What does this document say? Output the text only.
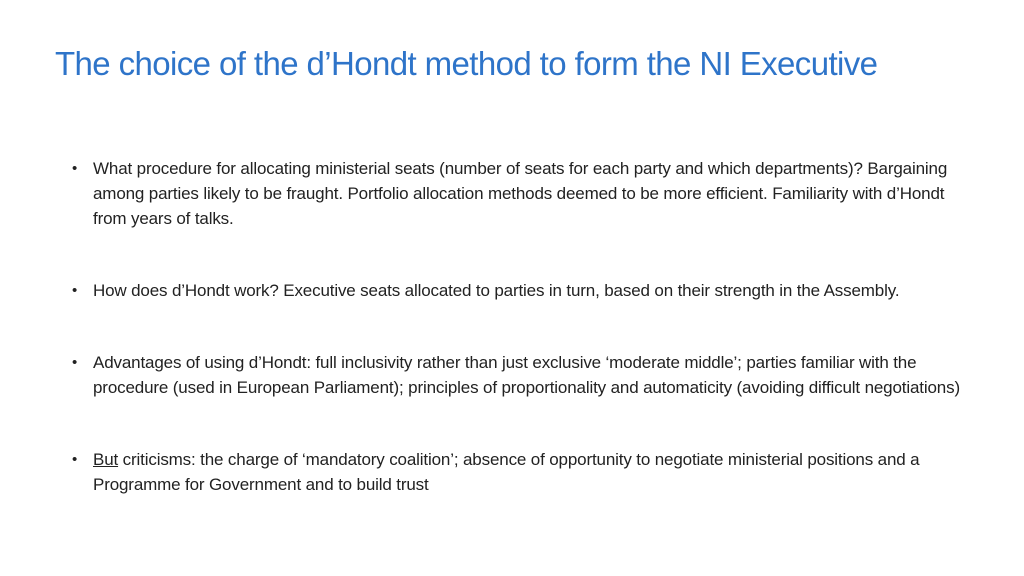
The choice of the d’Hondt method to form the NI Executive
• What procedure for allocating ministerial seats (number of seats for each party and which departments)? Bargaining among parties likely to be fraught. Portfolio allocation methods deemed to be more efficient. Familiarity with d’Hondt from years of talks.
• How does d’Hondt work? Executive seats allocated to parties in turn, based on their strength in the Assembly.
• Advantages of using d’Hondt: full inclusivity rather than just exclusive ‘moderate middle’; parties familiar with the procedure (used in European Parliament); principles of proportionality and automaticity (avoiding difficult negotiations)
• But criticisms: the charge of ‘mandatory coalition’; absence of opportunity to negotiate ministerial positions and a Programme for Government and to build trust
